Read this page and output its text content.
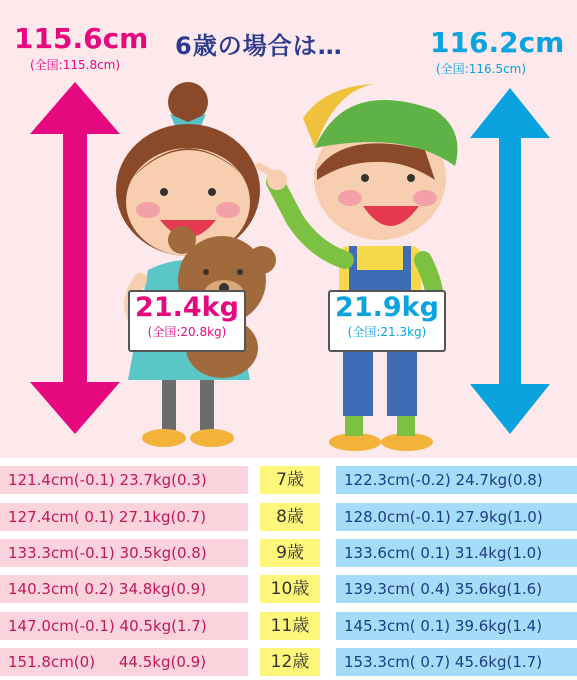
115.6cm
(全国:115.8cm)
6歳の場合は…	116.2cm
(全国:116.5cm)
21.4kg
(全国:20.8kg)
21.9kg
(全国:21.3kg)
121.4cm(-0.1) 23.7kg(0.3)	7歳	122.3cm(-0.2) 24.7kg(0.8)
127.4cm( 0.1) 27.1kg(0.7)	8歳	128.0cm(-0.1) 27.9kg(1.0)
133.3cm(-0.1) 30.5kg(0.8)	9歳	133.6cm( 0.1) 31.4kg(1.0)
140.3cm( 0.2) 34.8kg(0.9)	10歳	139.3cm( 0.4) 35.6kg(1.6)
147.0cm(-0.1) 40.5kg(1.7)	11歳	145.3cm( 0.1) 39.6kg(1.4)
151.8cm(0)     44.5kg(0.9)	12歳	153.3cm( 0.7) 45.6kg(1.7)
